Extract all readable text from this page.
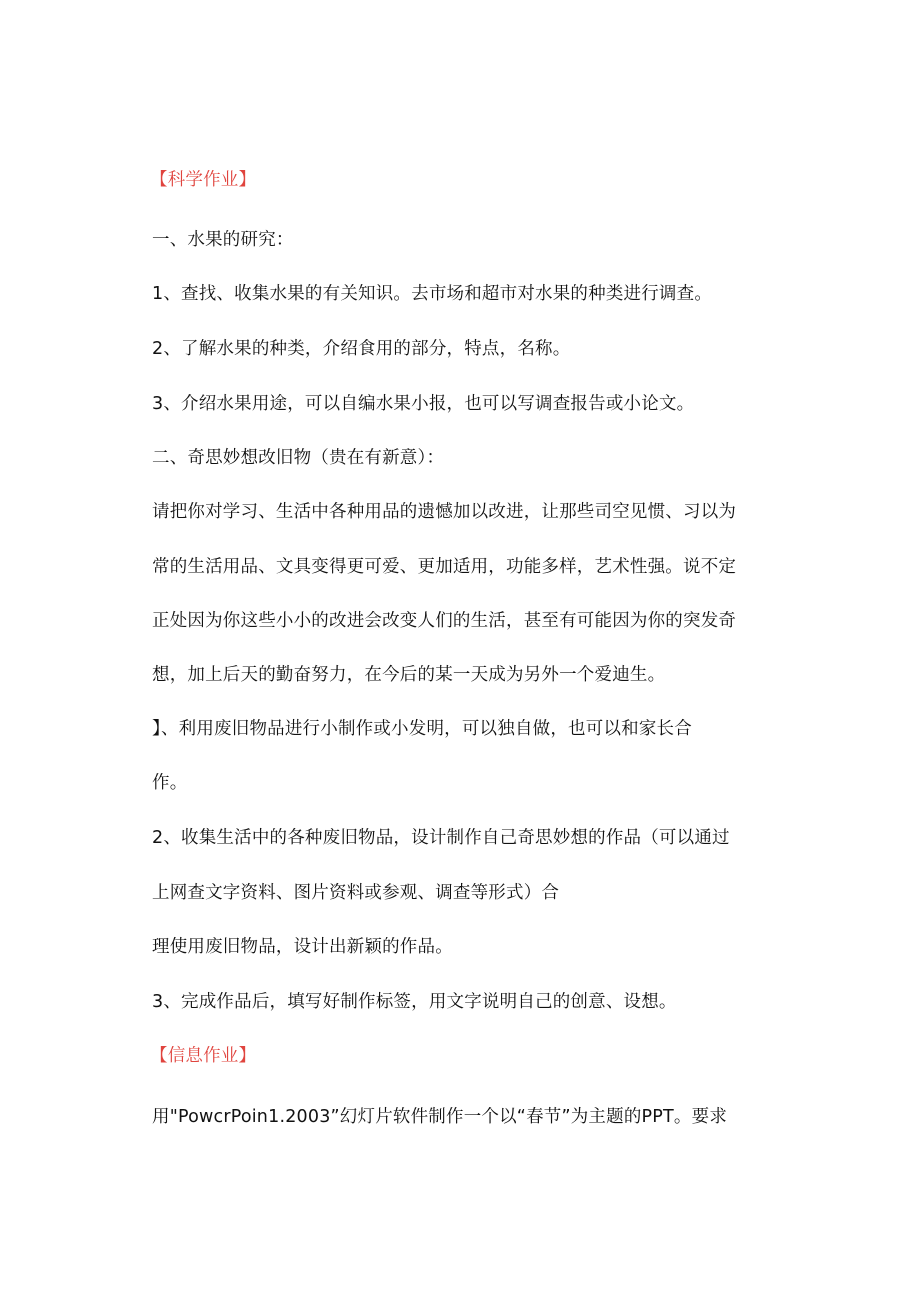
【科学作业】
一、水果的研究：
1、查找、收集水果的有关知识。去市场和超市对水果的种类进行调查。
2、了解水果的种类，介绍食用的部分，特点，名称。
3、介绍水果用途，可以自编水果小报，也可以写调查报告或小论文。
二、奇思妙想改旧物（贵在有新意）：
请把你对学习、生活中各种用品的遗憾加以改进，让那些司空见惯、习以为
常的生活用品、文具变得更可爱、更加适用，功能多样，艺术性强。说不定
正处因为你这些小小的改进会改变人们的生活，甚至有可能因为你的突发奇
想，加上后天的勤奋努力，在今后的某一天成为另外一个爱迪生。
】、利用废旧物品进行小制作或小发明，可以独自做，也可以和家长合
作。
2、收集生活中的各种废旧物品，设计制作自己奇思妙想的作品（可以通过
上网查文字资料、图片资料或参观、调查等形式）合
理使用废旧物品，设计出新颖的作品。
3、完成作品后，填写好制作标签，用文字说明自己的创意、设想。
【信息作业】
用"PowcrPoin1.2003”幻灯片软件制作一个以“春节”为主题的PPT。要求
